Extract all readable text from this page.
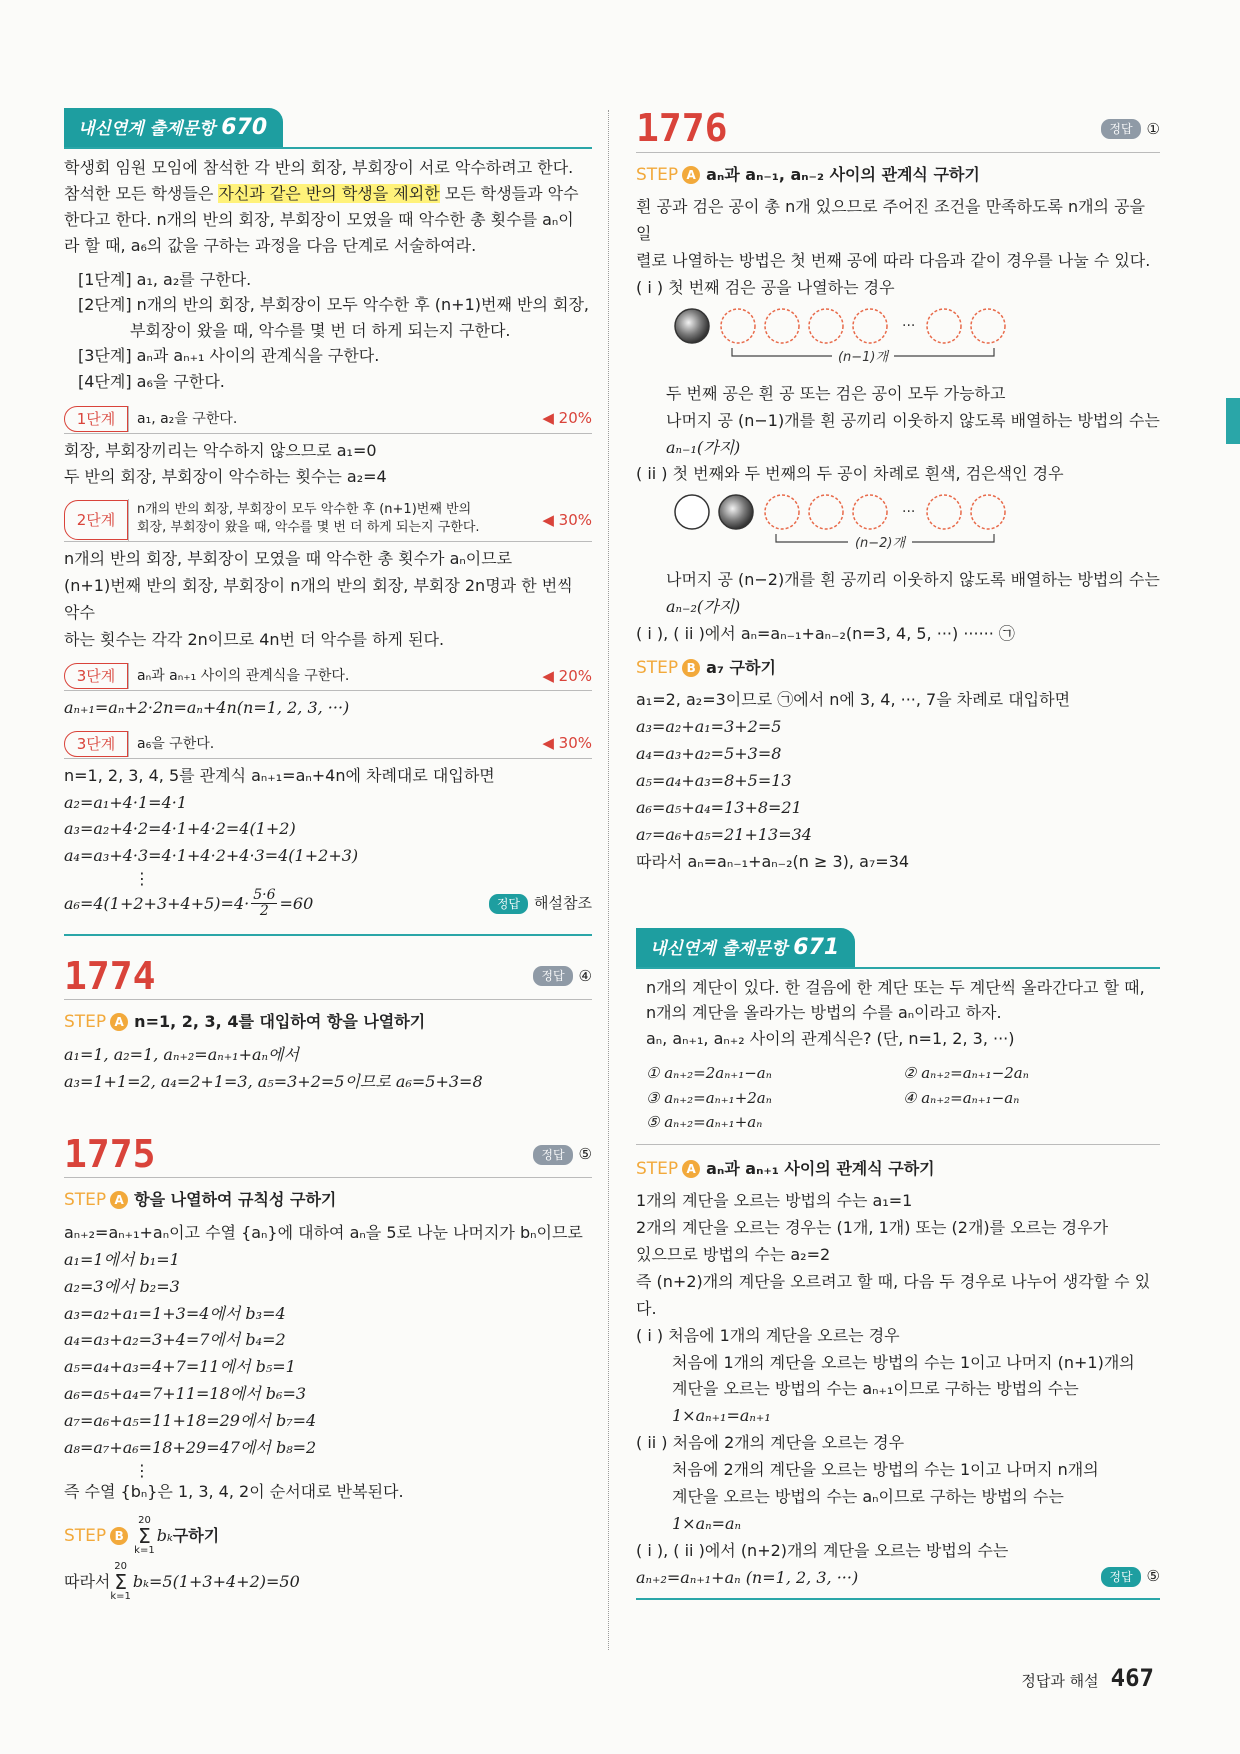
내신연계 출제문항 670

학생회 임원 모임에 참석한 각 반의 회장, 부회장이 서로 악수하려고 한다.
참석한 모든 학생들은 자신과 같은 반의 학생을 제외한 모든 학생들과 악수
한다고 한다. n개의 반의 회장, 부회장이 모였을 때 악수한 총 횟수를 aₙ이
라 할 때, a₆의 값을 구하는 과정을 다음 단계로 서술하여라.

[1단계] a₁, a₂를 구한다.
[2단계] n개의 반의 회장, 부회장이 모두 악수한 후 (n+1)번째 반의 회장,
부회장이 왔을 때, 악수를 몇 번 더 하게 되는지 구한다.
[3단계] aₙ과 aₙ₊₁ 사이의 관계식을 구한다.
[4단계] a₆을 구한다.
1단계	a₁, a₂을 구한다.	◀ 20%
회장, 부회장끼리는 악수하지 않으므로 a₁=0
두 반의 회장, 부회장이 악수하는 횟수는 a₂=4
2단계
n개의 반의 회장, 부회장이 모두 악수한 후 (n+1)번째 반의
회장, 부회장이 왔을 때, 악수를 몇 번 더 하게 되는지 구한다.	◀ 30%
n개의 반의 회장, 부회장이 모였을 때 악수한 총 횟수가 aₙ이므로
(n+1)번째 반의 회장, 부회장이 n개의 반의 회장, 부회장 2n명과 한 번씩 악수
하는 횟수는 각각 2n이므로 4n번 더 악수를 하게 된다.
3단계	aₙ과 aₙ₊₁ 사이의 관계식을 구한다.	◀ 20%
aₙ₊₁=aₙ+2·2n=aₙ+4n(n=1, 2, 3, ···)
3단계	a₆을 구한다.	◀ 30%
n=1, 2, 3, 4, 5를 관계식 aₙ₊₁=aₙ+4n에 차례대로 대입하면
a₂=a₁+4·1=4·1
a₃=a₂+4·2=4·1+4·2=4(1+2)
a₄=a₃+4·3=4·1+4·2+4·3=4(1+2+3)
⋮
$a_6=4(1+2+3+4+5)=4\cdot \frac{5\cdot 6}{2} =60$	정답 해설참조
1774	정답 ④
STEP A n=1, 2, 3, 4를 대입하여 항을 나열하기
a₁=1, a₂=1, aₙ₊₂=aₙ₊₁+aₙ에서
a₃=1+1=2, a₄=2+1=3, a₅=3+2=5이므로 a₆=5+3=8
1775	정답 ⑤
STEP A 항을 나열하여 규칙성 구하기
aₙ₊₂=aₙ₊₁+aₙ이고 수열 {aₙ}에 대하여 aₙ을 5로 나눈 나머지가 bₙ이므로
a₁=1에서 b₁=1
a₂=3에서 b₂=3
a₃=a₂+a₁=1+3=4에서 b₃=4
a₄=a₃+a₂=3+4=7에서 b₄=2
a₅=a₄+a₃=4+7=11에서 b₅=1
a₆=a₅+a₄=7+11=18에서 b₆=3
a₇=a₆+a₅=11+18=29에서 b₇=4
a₈=a₇+a₆=18+29=47에서 b₈=2
⋮
즉 수열 {bₙ}은 1, 3, 4, 2이 순서대로 반복된다.
STEP B
20
Σ
k=1
bₖ 구하기
따라서
20
Σ
k=1
bₖ=5(1+3+4+2)=50
1776	정답 ①
STEP A aₙ과 aₙ₋₁, aₙ₋₂ 사이의 관계식 구하기
흰 공과 검은 공이 총 n개 있으므로 주어진 조건을 만족하도록 n개의 공을 일
렬로 나열하는 방법은 첫 번째 공에 따라 다음과 같이 경우를 나눌 수 있다.
( i ) 첫 번째 검은 공을 나열하는 경우
···
(n−1)개
두 번째 공은 흰 공 또는 검은 공이 모두 가능하고
나머지 공 (n−1)개를 흰 공끼리 이웃하지 않도록 배열하는 방법의 수는
aₙ₋₁(가지)
( ii ) 첫 번째와 두 번째의 두 공이 차례로 흰색, 검은색인 경우
···
(n−2)개
나머지 공 (n−2)개를 흰 공끼리 이웃하지 않도록 배열하는 방법의 수는
aₙ₋₂(가지)
( i ), ( ii )에서 aₙ=aₙ₋₁+aₙ₋₂(n=3, 4, 5, ···) ······ ㉠
STEP B a₇ 구하기
a₁=2, a₂=3이므로 ㉠에서 n에 3, 4, ···, 7을 차례로 대입하면
a₃=a₂+a₁=3+2=5
a₄=a₃+a₂=5+3=8
a₅=a₄+a₃=8+5=13
a₆=a₅+a₄=13+8=21
a₇=a₆+a₅=21+13=34
따라서 aₙ=aₙ₋₁+aₙ₋₂(n ≥ 3), a₇=34
내신연계 출제문항 671

n개의 계단이 있다. 한 걸음에 한 계단 또는 두 계단씩 올라간다고 할 때,
n개의 계단을 올라가는 방법의 수를 aₙ이라고 하자.
aₙ, aₙ₊₁, aₙ₊₂ 사이의 관계식은? (단, n=1, 2, 3, ···)

① aₙ₊₂=2aₙ₊₁−aₙ	② aₙ₊₂=aₙ₊₁−2aₙ
③ aₙ₊₂=aₙ₊₁+2aₙ	④ aₙ₊₂=aₙ₊₁−aₙ
⑤ aₙ₊₂=aₙ₊₁+aₙ
STEP A aₙ과 aₙ₊₁ 사이의 관계식 구하기
1개의 계단을 오르는 방법의 수는 a₁=1
2개의 계단을 오르는 경우는 (1개, 1개) 또는 (2개)를 오르는 경우가
있으므로 방법의 수는 a₂=2
즉 (n+2)개의 계단을 오르려고 할 때, 다음 두 경우로 나누어 생각할 수 있다.
( i ) 처음에 1개의 계단을 오르는 경우
처음에 1개의 계단을 오르는 방법의 수는 1이고 나머지 (n+1)개의
계단을 오르는 방법의 수는 aₙ₊₁이므로 구하는 방법의 수는
1×aₙ₊₁=aₙ₊₁
( ii ) 처음에 2개의 계단을 오르는 경우
처음에 2개의 계단을 오르는 방법의 수는 1이고 나머지 n개의
계단을 오르는 방법의 수는 aₙ이므로 구하는 방법의 수는
1×aₙ=aₙ
( i ), ( ii )에서 (n+2)개의 계단을 오르는 방법의 수는
aₙ₊₂=aₙ₊₁+aₙ (n=1, 2, 3, ···)	정답 ⑤
정답과 해설 467
